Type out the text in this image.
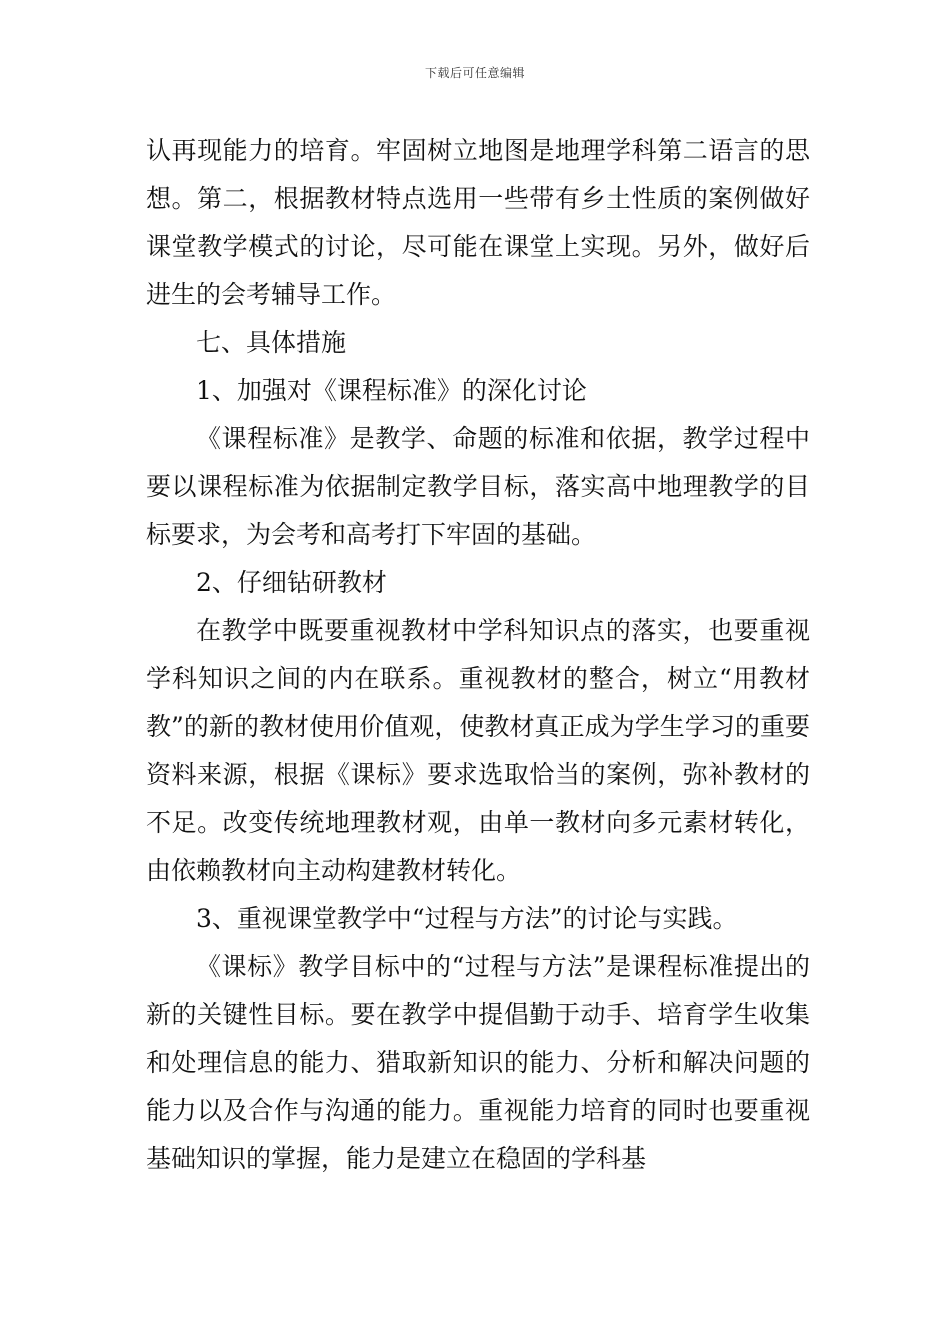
下载后可任意编辑

认再现能力的培育。牢固树立地图是地理学科第二语言的思想。第二，根据教材特点选用一些带有乡土性质的案例做好课堂教学模式的讨论，尽可能在课堂上实现。另外，做好后进生的会考辅导工作。

七、具体措施

1、加强对《课程标准》的深化讨论

《课程标准》是教学、命题的标准和依据，教学过程中要以课程标准为依据制定教学目标，落实高中地理教学的目标要求，为会考和高考打下牢固的基础。

2、仔细钻研教材

在教学中既要重视教材中学科知识点的落实，也要重视学科知识之间的内在联系。重视教材的整合，树立“用教材教”的新的教材使用价值观，使教材真正成为学生学习的重要资料来源，根据《课标》要求选取恰当的案例，弥补教材的不足。改变传统地理教材观，由单一教材向多元素材转化，由依赖教材向主动构建教材转化。

3、重视课堂教学中“过程与方法”的讨论与实践。

《课标》教学目标中的“过程与方法”是课程标准提出的新的关键性目标。要在教学中提倡勤于动手、培育学生收集和处理信息的能力、猎取新知识的能力、分析和解决问题的能力以及合作与沟通的能力。重视能力培育的同时也要重视基础知识的掌握，能力是建立在稳固的学科基
